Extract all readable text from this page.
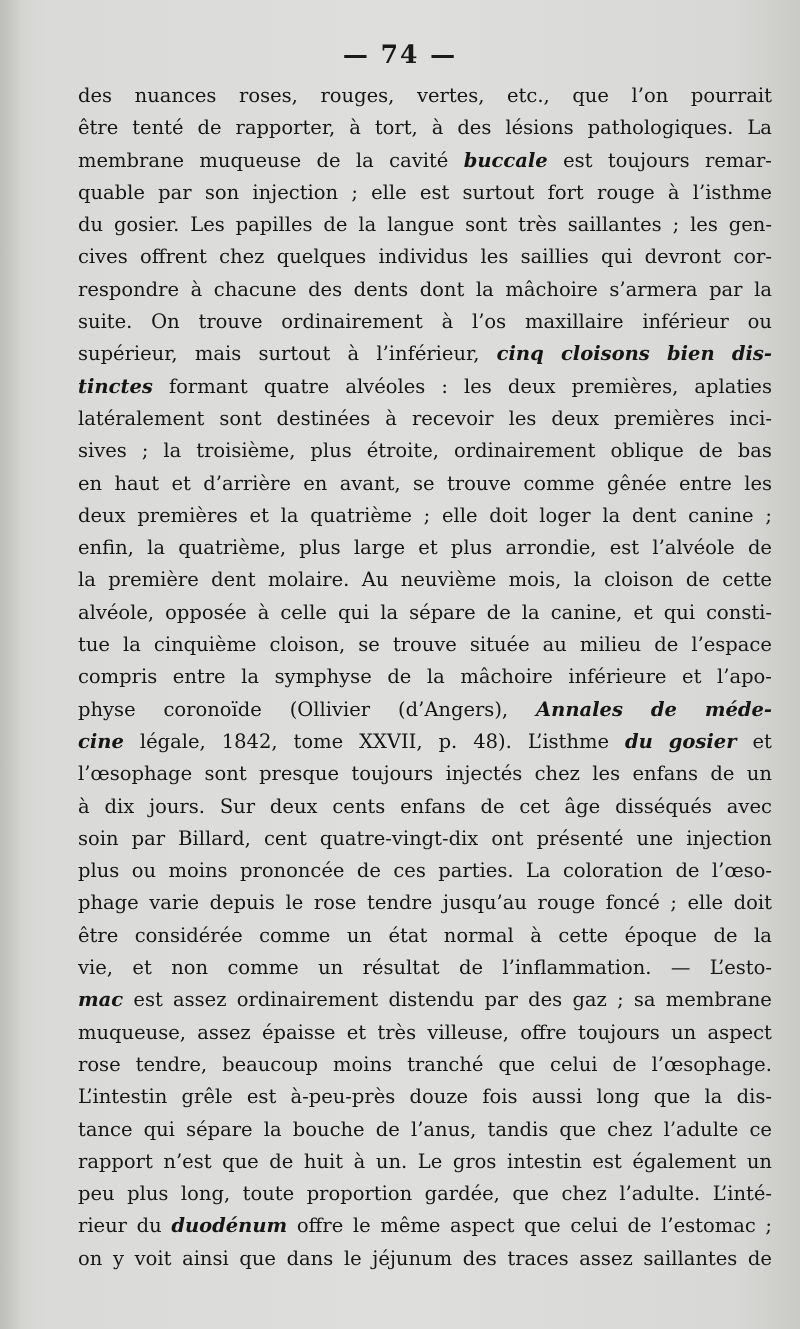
— 74 —
des nuances roses, rouges, vertes, etc., que l’on pourrait
être tenté de rapporter, à tort, à des lésions pathologiques. La
membrane muqueuse de la cavité buccale est toujours remar-
quable par son injection ; elle est surtout fort rouge à l’isthme
du gosier. Les papilles de la langue sont très saillantes ; les gen-
cives offrent chez quelques individus les saillies qui devront cor-
respondre à chacune des dents dont la mâchoire s’armera par la
suite. On trouve ordinairement à l’os maxillaire inférieur ou
supérieur, mais surtout à l’inférieur, cinq cloisons bien dis-
tinctes formant quatre alvéoles : les deux premières, aplaties
latéralement sont destinées à recevoir les deux premières inci-
sives ; la troisième, plus étroite, ordinairement oblique de bas
en haut et d’arrière en avant, se trouve comme gênée entre les
deux premières et la quatrième ; elle doit loger la dent canine ;
enfin, la quatrième, plus large et plus arrondie, est l’alvéole de
la première dent molaire. Au neuvième mois, la cloison de cette
alvéole, opposée à celle qui la sépare de la canine, et qui consti-
tue la cinquième cloison, se trouve située au milieu de l’espace
compris entre la symphyse de la mâchoire inférieure et l’apo-
physe coronoïde (Ollivier (d’Angers), Annales de méde-
cine légale, 1842, tome XXVII, p. 48). L’isthme du gosier et
l’œsophage sont presque toujours injectés chez les enfans de un
à dix jours. Sur deux cents enfans de cet âge disséqués avec
soin par Billard, cent quatre-vingt-dix ont présenté une injection
plus ou moins prononcée de ces parties. La coloration de l’œso-
phage varie depuis le rose tendre jusqu’au rouge foncé ; elle doit
être considérée comme un état normal à cette époque de la
vie, et non comme un résultat de l’inflammation. — L’esto-
mac est assez ordinairement distendu par des gaz ; sa membrane
muqueuse, assez épaisse et très villeuse, offre toujours un aspect
rose tendre, beaucoup moins tranché que celui de l’œsophage.
L’intestin grêle est à-peu-près douze fois aussi long que la dis-
tance qui sépare la bouche de l’anus, tandis que chez l’adulte ce
rapport n’est que de huit à un. Le gros intestin est également un
peu plus long, toute proportion gardée, que chez l’adulte. L’inté-
rieur du duodénum offre le même aspect que celui de l’estomac ;
on y voit ainsi que dans le jéjunum des traces assez saillantes de
